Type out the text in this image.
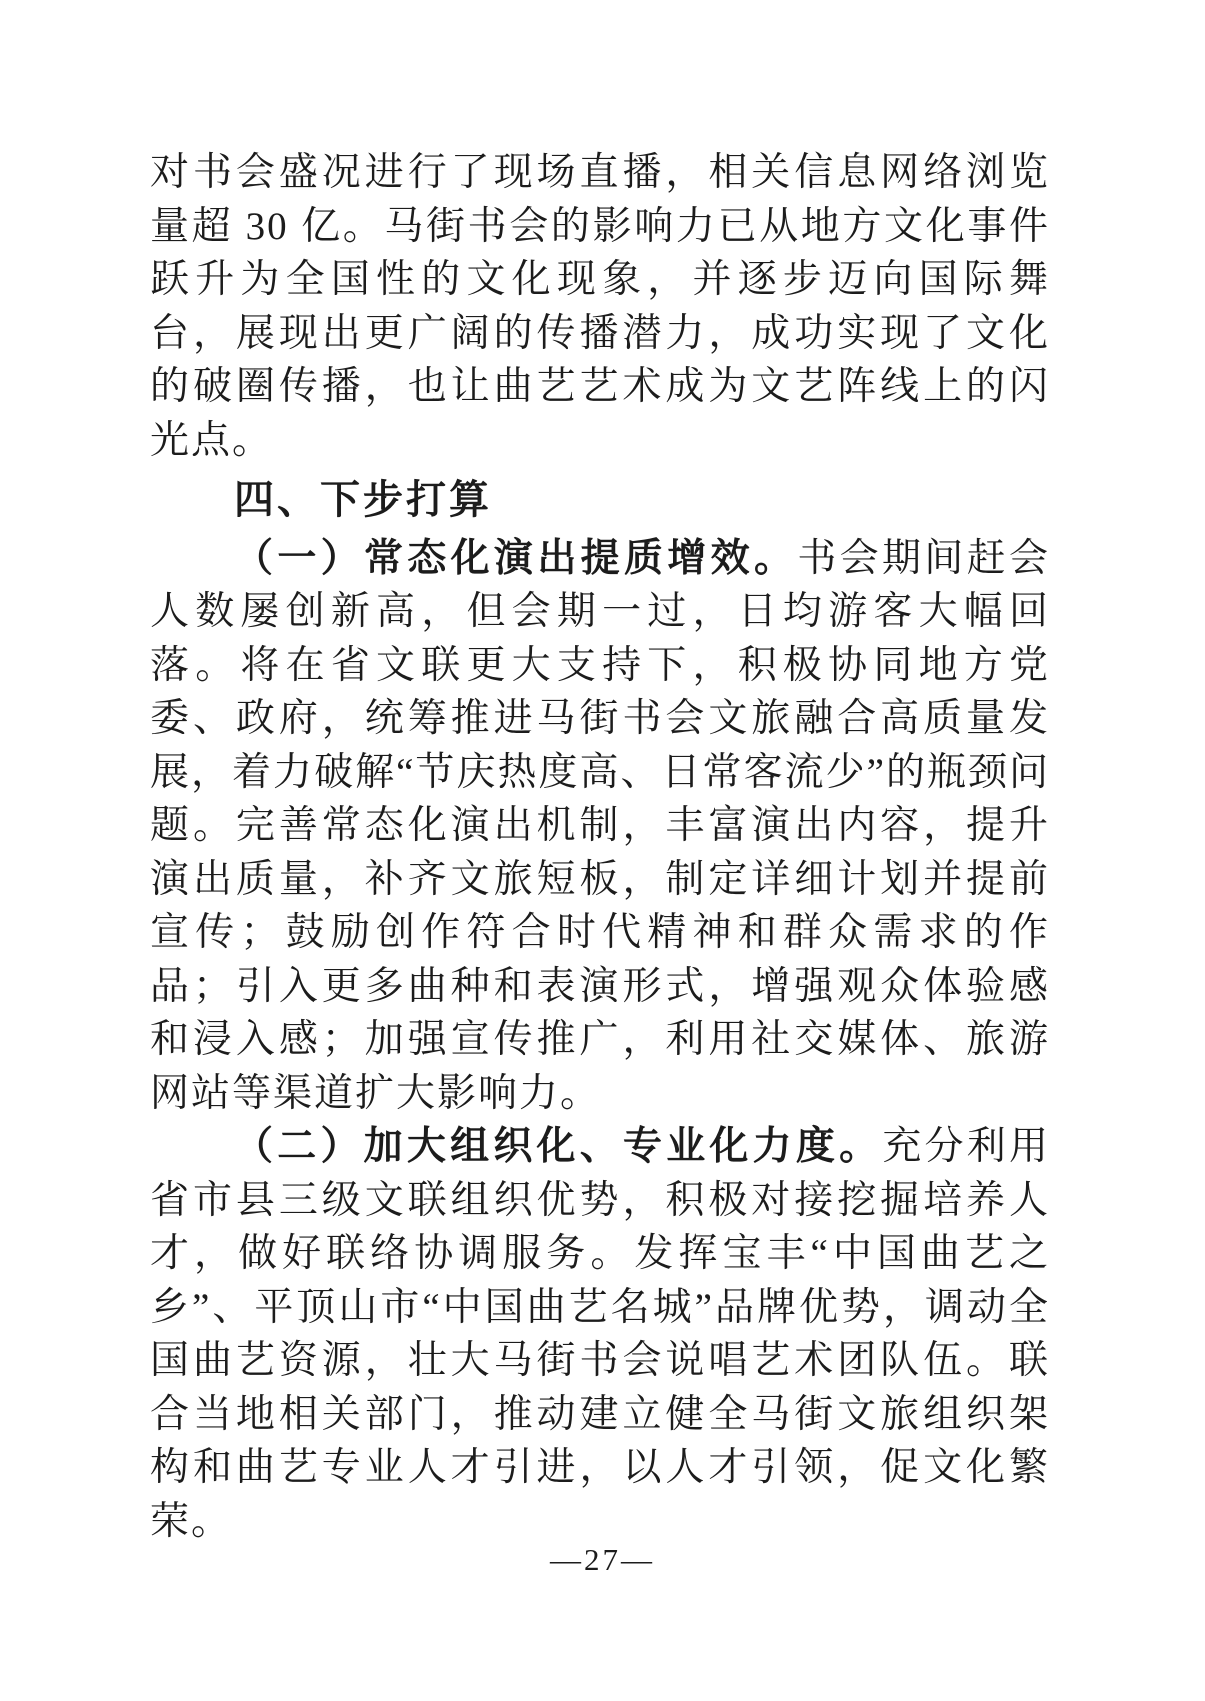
对书会盛况进行了现场直播，相关信息网络浏览量超 30 亿。马街书会的影响力已从地方文化事件跃升为全国性的文化现象，并逐步迈向国际舞台，展现出更广阔的传播潜力，成功实现了文化的破圈传播，也让曲艺艺术成为文艺阵线上的闪光点。

四、下步打算

（一）常态化演出提质增效。书会期间赶会人数屡创新高，但会期一过，日均游客大幅回落。将在省文联更大支持下，积极协同地方党委、政府，统筹推进马街书会文旅融合高质量发展，着力破解“节庆热度高、日常客流少”的瓶颈问题。完善常态化演出机制，丰富演出内容，提升演出质量，补齐文旅短板，制定详细计划并提前宣传；鼓励创作符合时代精神和群众需求的作品；引入更多曲种和表演形式，增强观众体验感和浸入感；加强宣传推广，利用社交媒体、旅游网站等渠道扩大影响力。

（二）加大组织化、专业化力度。充分利用省市县三级文联组织优势，积极对接挖掘培养人才，做好联络协调服务。发挥宝丰“中国曲艺之乡”、平顶山市“中国曲艺名城”品牌优势，调动全国曲艺资源，壮大马街书会说唱艺术团队伍。联合当地相关部门，推动建立健全马街文旅组织架构和曲艺专业人才引进，以人才引领，促文化繁荣。

—27—
